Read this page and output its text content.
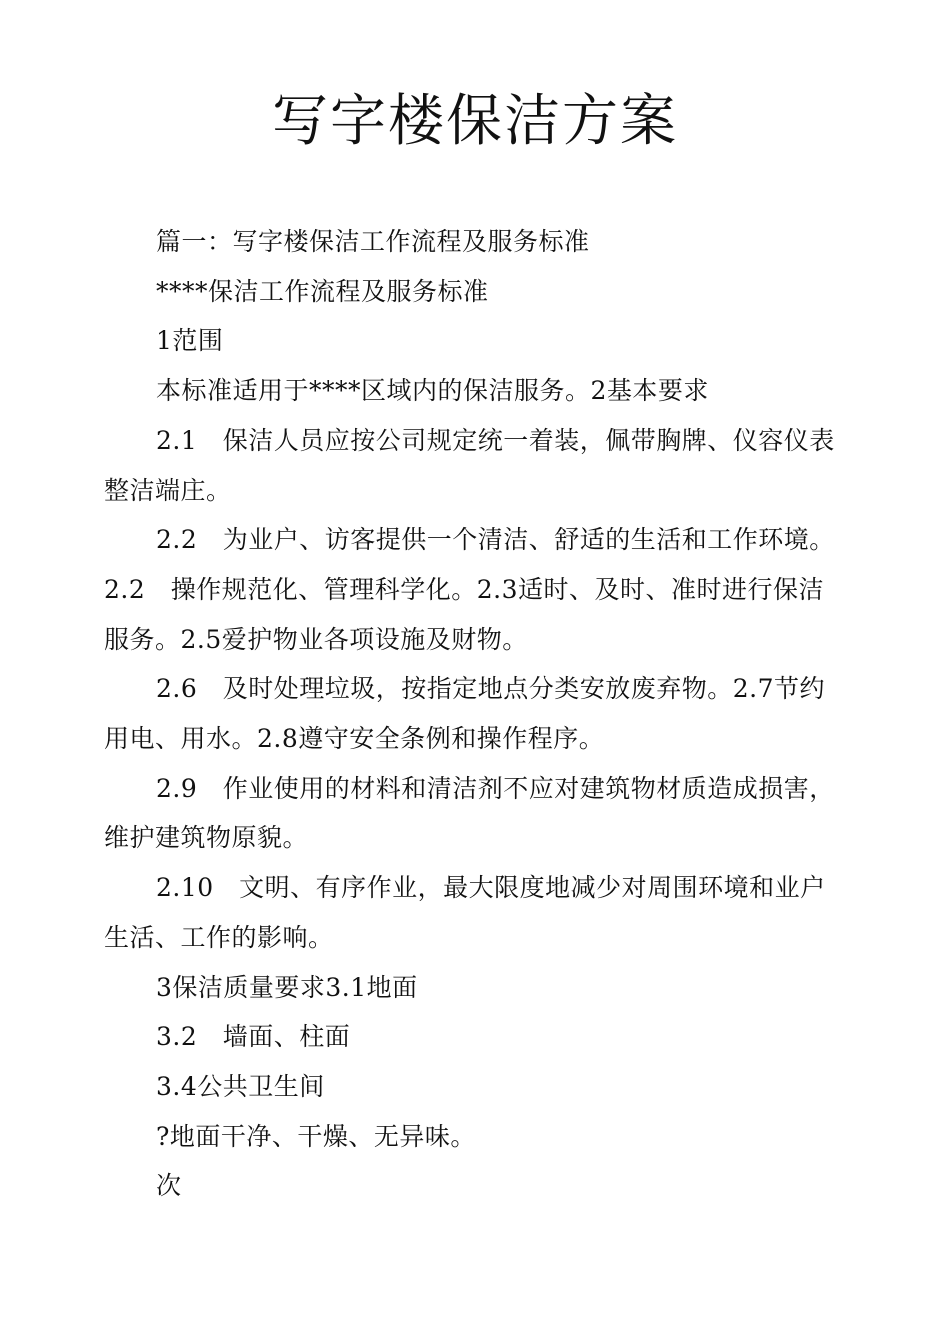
写字楼保洁方案

篇一：写字楼保洁工作流程及服务标准

****保洁工作流程及服务标准

1范围

本标准适用于****区域内的保洁服务。2基本要求

2.1　保洁人员应按公司规定统一着装，佩带胸牌、仪容仪表整洁端庄。

2.2　为业户、访客提供一个清洁、舒适的生活和工作环境。2.2　操作规范化、管理科学化。2.3适时、及时、准时进行保洁服务。2.5爱护物业各项设施及财物。

2.6　及时处理垃圾，按指定地点分类安放废弃物。2.7节约用电、用水。2.8遵守安全条例和操作程序。

2.9　作业使用的材料和清洁剂不应对建筑物材质造成损害，维护建筑物原貌。

2.10　文明、有序作业，最大限度地减少对周围环境和业户生活、工作的影响。

3保洁质量要求3.1地面

3.2　墙面、柱面

3.4公共卫生间

?地面干净、干燥、无异味。

次
